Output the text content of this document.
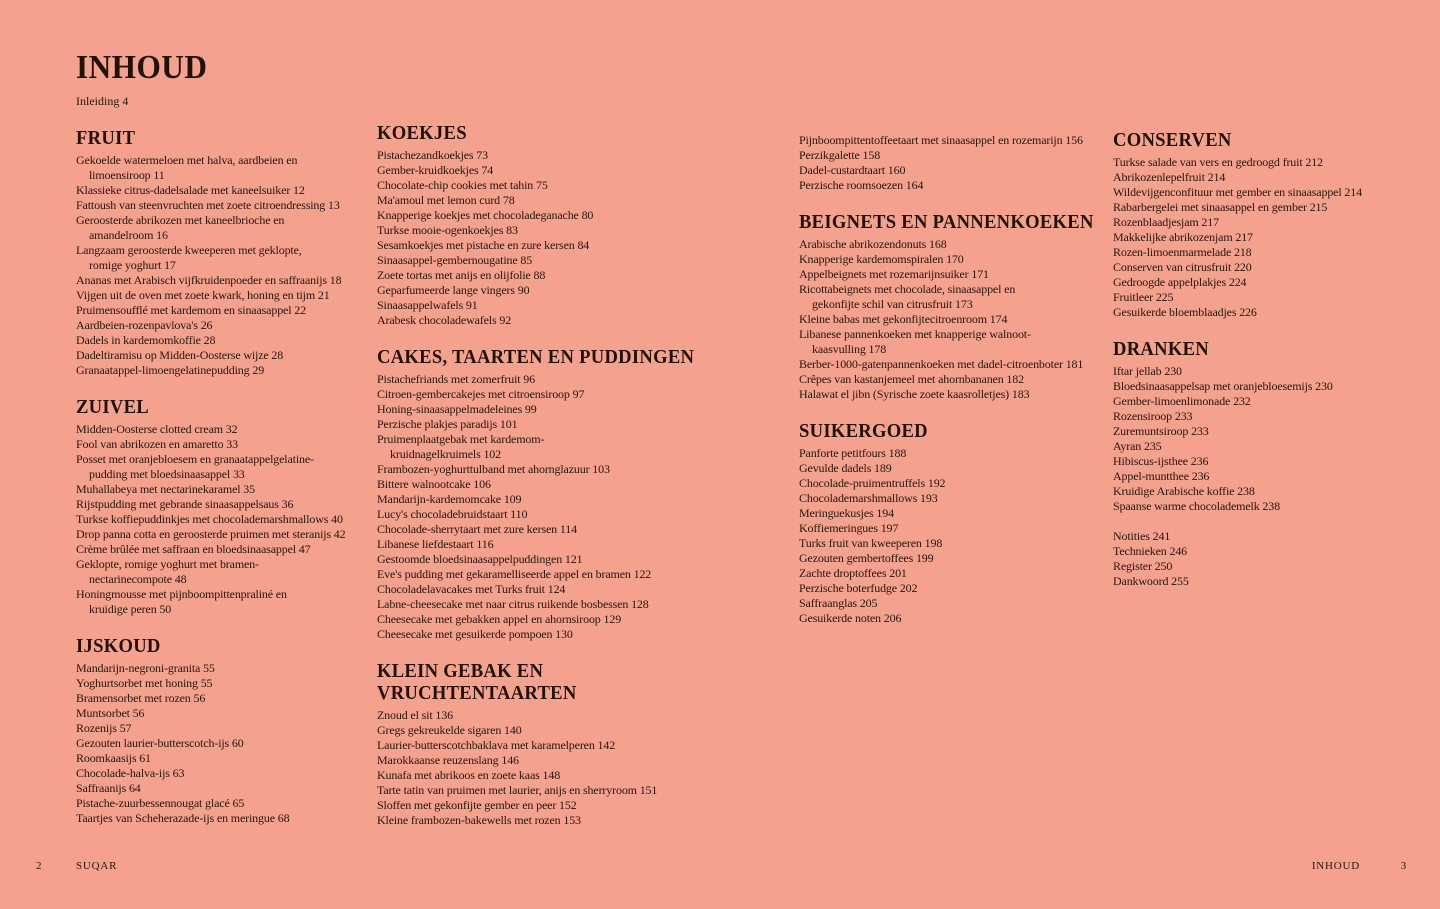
INHOUD

Inleiding 4

FRUIT
Gekoelde watermeloen met halva, aardbeien en
limoensiroop 11
Klassieke citrus-dadelsalade met kaneelsuiker 12
Fattoush van steenvruchten met zoete citroendressing 13
Geroosterde abrikozen met kaneelbrioche en
amandelroom 16
Langzaam geroosterde kweeperen met geklopte,
romige yoghurt 17
Ananas met Arabisch vijfkruidenpoeder en saffraanijs 18
Vijgen uit de oven met zoete kwark, honing en tijm 21
Pruimensoufflé met kardemom en sinaasappel 22
Aardbeien-rozenpavlova's 26
Dadels in kardemomkoffie 28
Dadeltiramisu op Midden-Oosterse wijze 28
Granaatappel-limoengelatinepudding 29
ZUIVEL
Midden-Oosterse clotted cream 32
Fool van abrikozen en amaretto 33
Posset met oranjebloesem en granaatappelgelatine-
pudding met bloedsinaasappel 33
Muhallabeya met nectarinekaramel 35
Rijstpudding met gebrande sinaasappelsaus 36
Turkse koffiepuddinkjes met chocolademarshmallows 40
Drop panna cotta en geroosterde pruimen met steranijs 42
Crème brûlée met saffraan en bloedsinaasappel 47
Geklopte, romige yoghurt met bramen-
nectarinecompote 48
Honingmousse met pijnboompittenpraliné en
kruidige peren 50
IJSKOUD
Mandarijn-negroni-granita 55
Yoghurtsorbet met honing 55
Bramensorbet met rozen 56
Muntsorbet 56
Rozenijs 57
Gezouten laurier-butterscotch-ijs 60
Roomkaasijs 61
Chocolade-halva-ijs 63
Saffraanijs 64
Pistache-zuurbessennougat glacé 65
Taartjes van Scheherazade-ijs en meringue 68
KOEKJES
Pistachezandkoekjes 73
Gember-kruidkoekjes 74
Chocolate-chip cookies met tahin 75
Ma'amoul met lemon curd 78
Knapperige koekjes met chocoladeganache 80
Turkse mooie-ogenkoekjes 83
Sesamkoekjes met pistache en zure kersen 84
Sinaasappel-gembernougatine 85
Zoete tortas met anijs en olijfolie 88
Geparfumeerde lange vingers 90
Sinaasappelwafels 91
Arabesk chocoladewafels 92
CAKES, TAARTEN EN PUDDINGEN
Pistachefriands met zomerfruit 96
Citroen-gembercakejes met citroensiroop 97
Honing-sinaasappelmadeleines 99
Perzische plakjes paradijs 101
Pruimenplaatgebak met kardemom-
kruidnagelkruimels 102
Frambozen-yoghurttulband met ahornglazuur 103
Bittere walnootcake 106
Mandarijn-kardemomcake 109
Lucy's chocoladebruidstaart 110
Chocolade-sherrytaart met zure kersen 114
Libanese liefdestaart 116
Gestoomde bloedsinaasappelpuddingen 121
Eve's pudding met gekaramelliseerde appel en bramen 122
Chocoladelavacakes met Turks fruit 124
Labne-cheesecake met naar citrus ruikende bosbessen 128
Cheesecake met gebakken appel en ahornsiroop 129
Cheesecake met gesuikerde pompoen 130
KLEIN GEBAK EN
VRUCHTENTAARTEN
Znoud el sit 136
Gregs gekreukelde sigaren 140
Laurier-butterscotchbaklava met karamelperen 142
Marokkaanse reuzenslang 146
Kunafa met abrikoos en zoete kaas 148
Tarte tatin van pruimen met laurier, anijs en sherryroom 151
Sloffen met gekonfijte gember en peer 152
Kleine frambozen-bakewells met rozen 153
Pijnboompittentoffeetaart met sinaasappel en rozemarijn 156
Perzikgalette 158
Dadel-custardtaart 160
Perzische roomsoezen 164
BEIGNETS EN PANNENKOEKEN
Arabische abrikozendonuts 168
Knapperige kardemomspiralen 170
Appelbeignets met rozemarijnsuiker 171
Ricottabeignets met chocolade, sinaasappel en
gekonfijte schil van citrusfruit 173
Kleine babas met gekonfijtecitroenroom 174
Libanese pannenkoeken met knapperige walnoot-
kaasvulling 178
Berber-1000-gatenpannenkoeken met dadel-citroenboter 181
Crêpes van kastanjemeel met ahornbananen 182
Halawat el jibn (Syrische zoete kaasrolletjes) 183
SUIKERGOED
Panforte petitfours 188
Gevulde dadels 189
Chocolade-pruimentruffels 192
Chocolademarshmallows 193
Meringuekusjes 194
Koffiemeringues 197
Turks fruit van kweeperen 198
Gezouten gembertoffees 199
Zachte droptoffees 201
Perzische boterfudge 202
Saffraanglas 205
Gesuikerde noten 206
CONSERVEN
Turkse salade van vers en gedroogd fruit 212
Abrikozenlepelfruit 214
Wildevijgenconfituur met gember en sinaasappel 214
Rabarbergelei met sinaasappel en gember 215
Rozenblaadjesjam 217
Makkelijke abrikozenjam 217
Rozen-limoenmarmelade 218
Conserven van citrusfruit 220
Gedroogde appelplakjes 224
Fruitleer 225
Gesuikerde bloemblaadjes 226
DRANKEN
Iftar jellab 230
Bloedsinaasappelsap met oranjebloesemijs 230
Gember-limoenlimonade 232
Rozensiroop 233
Zuremuntsiroop 233
Ayran 235
Hibiscus-ijsthee 236
Appel-muntthee 236
Kruidige Arabische koffie 238
Spaanse warme chocolademelk 238
Notities 241
Technieken 246
Register 250
Dankwoord 255
2	SUQAR	INHOUD	3
